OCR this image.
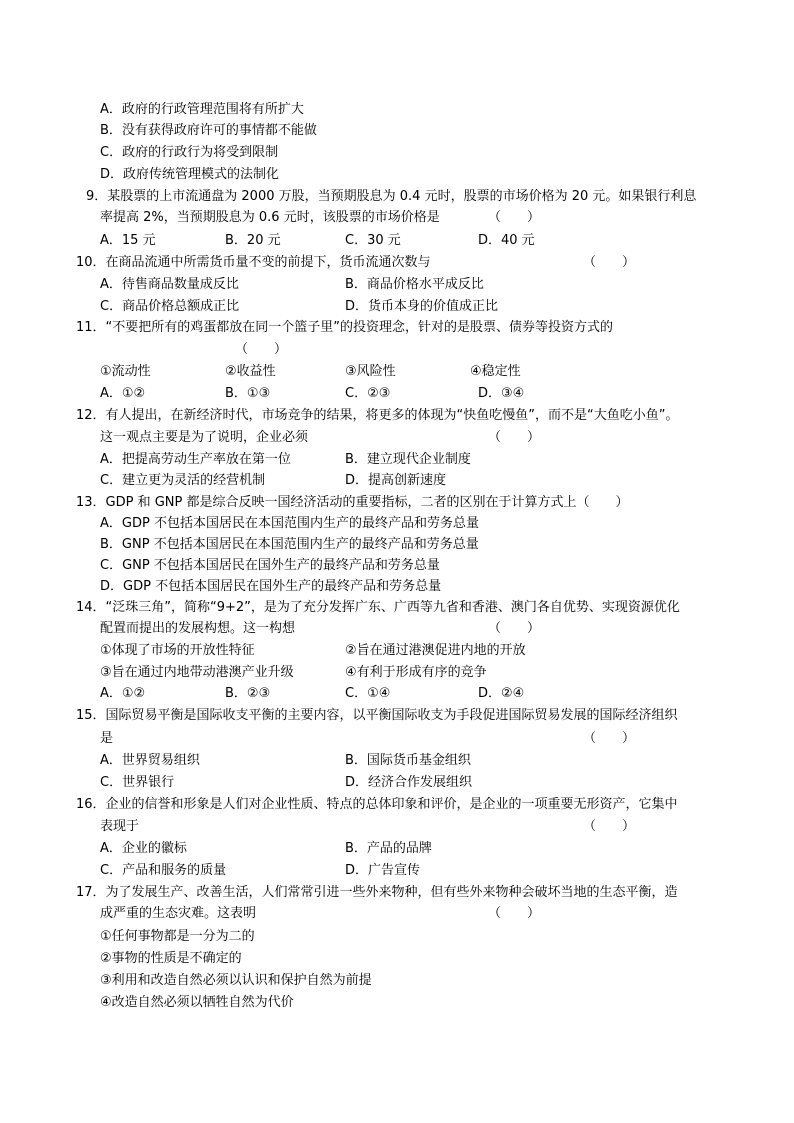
A．政府的行政管理范围将有所扩大
B．没有获得政府许可的事情都不能做
C．政府的行政行为将受到限制
D．政府传统管理模式的法制化
9．某股票的上市流通盘为 2000 万股，当预期股息为 0.4 元时，股票的市场价格为 20 元。如果银行利息
率提高 2%，当预期股息为 0.6 元时，该股票的市场价格是	（　　）
A．15 元	B．20 元	C．30 元	D．40 元
10．在商品流通中所需货币量不变的前提下，货币流通次数与	（　　）
A．待售商品数量成反比	B．商品价格水平成反比
C．商品价格总额成正比	D．货币本身的价值成正比
11．“不要把所有的鸡蛋都放在同一个篮子里”的投资理念，针对的是股票、债券等投资方式的
（　　）
①流动性	②收益性	③风险性	④稳定性
A．①②	B．①③	C．②③	D．③④
12．有人提出，在新经济时代，市场竞争的结果，将更多的体现为“快鱼吃慢鱼”，而不是“大鱼吃小鱼”。
这一观点主要是为了说明，企业必须	（　　）
A．把提高劳动生产率放在第一位	B．建立现代企业制度
C．建立更为灵活的经营机制	D．提高创新速度
13．GDP 和 GNP 都是综合反映一国经济活动的重要指标，二者的区别在于计算方式上（　　）
A．GDP 不包括本国居民在本国范围内生产的最终产品和劳务总量
B．GNP 不包括本国居民在本国范围内生产的最终产品和劳务总量
C．GNP 不包括本国居民在国外生产的最终产品和劳务总量
D．GDP 不包括本国居民在国外生产的最终产品和劳务总量
14．“泛珠三角”，简称“9+2”，是为了充分发挥广东、广西等九省和香港、澳门各自优势、实现资源优化
配置而提出的发展构想。这一构想	（　　）
①体现了市场的开放性特征	②旨在通过港澳促进内地的开放
③旨在通过内地带动港澳产业升级	④有利于形成有序的竞争
A．①②	B．②③	C．①④	D．②④
15．国际贸易平衡是国际收支平衡的主要内容，以平衡国际收支为手段促进国际贸易发展的国际经济组织
是	（　　）
A．世界贸易组织	B．国际货币基金组织
C．世界银行	D．经济合作发展组织
16．企业的信誉和形象是人们对企业性质、特点的总体印象和评价，是企业的一项重要无形资产，它集中
表现于	（　　）
A．企业的徽标	B．产品的品牌
C．产品和服务的质量	D．广告宣传
17．为了发展生产、改善生活，人们常常引进一些外来物种，但有些外来物种会破坏当地的生态平衡，造
成严重的生态灾难。这表明	（　　）
①任何事物都是一分为二的
②事物的性质是不确定的
③利用和改造自然必须以认识和保护自然为前提
④改造自然必须以牺牲自然为代价
